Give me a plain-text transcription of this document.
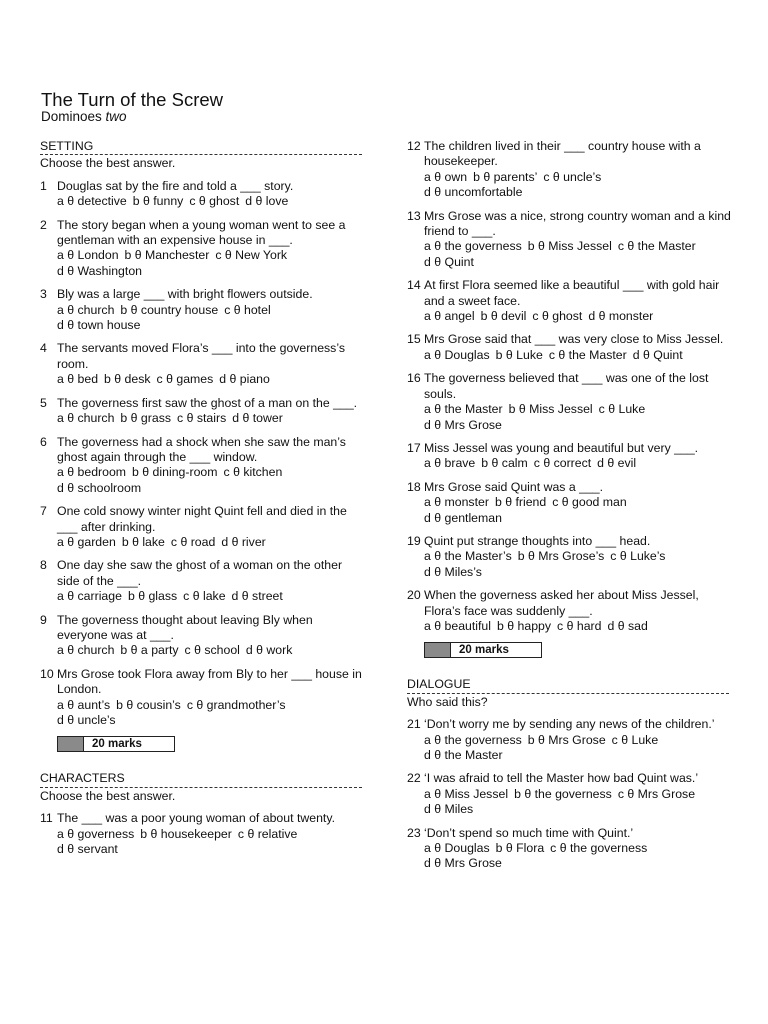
The Turn of the Screw
Dominoes two
SETTING
Choose the best answer.
1 Douglas sat by the fire and told a ___ story.
a θ detective b θ funny c θ ghost d θ love
2 The story began when a young woman went to see a gentleman with an expensive house in ___.
a θ London b θ Manchester c θ New York
d θ Washington
3 Bly was a large ___ with bright flowers outside.
a θ church b θ country house c θ hotel
d θ town house
4 The servants moved Flora’s ___ into the governess’s room.
a θ bed b θ desk c θ games d θ piano
5 The governess first saw the ghost of a man on the ___.
a θ church b θ grass c θ stairs d θ tower
6 The governess had a shock when she saw the man’s ghost again through the ___ window.
a θ bedroom b θ dining-room c θ kitchen
d θ schoolroom
7 One cold snowy winter night Quint fell and died in the ___ after drinking.
a θ garden b θ lake c θ road d θ river
8 One day she saw the ghost of a woman on the other side of the ___.
a θ carriage b θ glass c θ lake d θ street
9 The governess thought about leaving Bly when everyone was at ___.
a θ church b θ a party c θ school d θ work
10 Mrs Grose took Flora away from Bly to her ___ house in London.
a θ aunt’s b θ cousin’s c θ grandmother’s
d θ uncle’s
20 marks
CHARACTERS
Choose the best answer.
11 The ___ was a poor young woman of about twenty.
a θ governess b θ housekeeper c θ relative
d θ servant
12 The children lived in their ___ country house with a housekeeper.
a θ own b θ parents’ c θ uncle’s
d θ uncomfortable
13 Mrs Grose was a nice, strong country woman and a kind friend to ___.
a θ the governess b θ Miss Jessel c θ the Master
d θ Quint
14 At first Flora seemed like a beautiful ___ with gold hair and a sweet face.
a θ angel b θ devil c θ ghost d θ monster
15 Mrs Grose said that ___ was very close to Miss Jessel.
a θ Douglas b θ Luke c θ the Master d θ Quint
16 The governess believed that ___ was one of the lost souls.
a θ the Master b θ Miss Jessel c θ Luke
d θ Mrs Grose
17 Miss Jessel was young and beautiful but very ___.
a θ brave b θ calm c θ correct d θ evil
18 Mrs Grose said Quint was a ___.
a θ monster b θ friend c θ good man
d θ gentleman
19 Quint put strange thoughts into ___ head.
a θ the Master’s b θ Mrs Grose’s c θ Luke’s
d θ Miles’s
20 When the governess asked her about Miss Jessel, Flora’s face was suddenly ___.
a θ beautiful b θ happy c θ hard d θ sad
20 marks
DIALOGUE
Who said this?
21 ‘Don’t worry me by sending any news of the children.’
a θ the governess b θ Mrs Grose c θ Luke
d θ the Master
22 ‘I was afraid to tell the Master how bad Quint was.’
a θ Miss Jessel b θ the governess c θ Mrs Grose
d θ Miles
23 ‘Don’t spend so much time with Quint.’
a θ Douglas b θ Flora c θ the governess
d θ Mrs Grose
